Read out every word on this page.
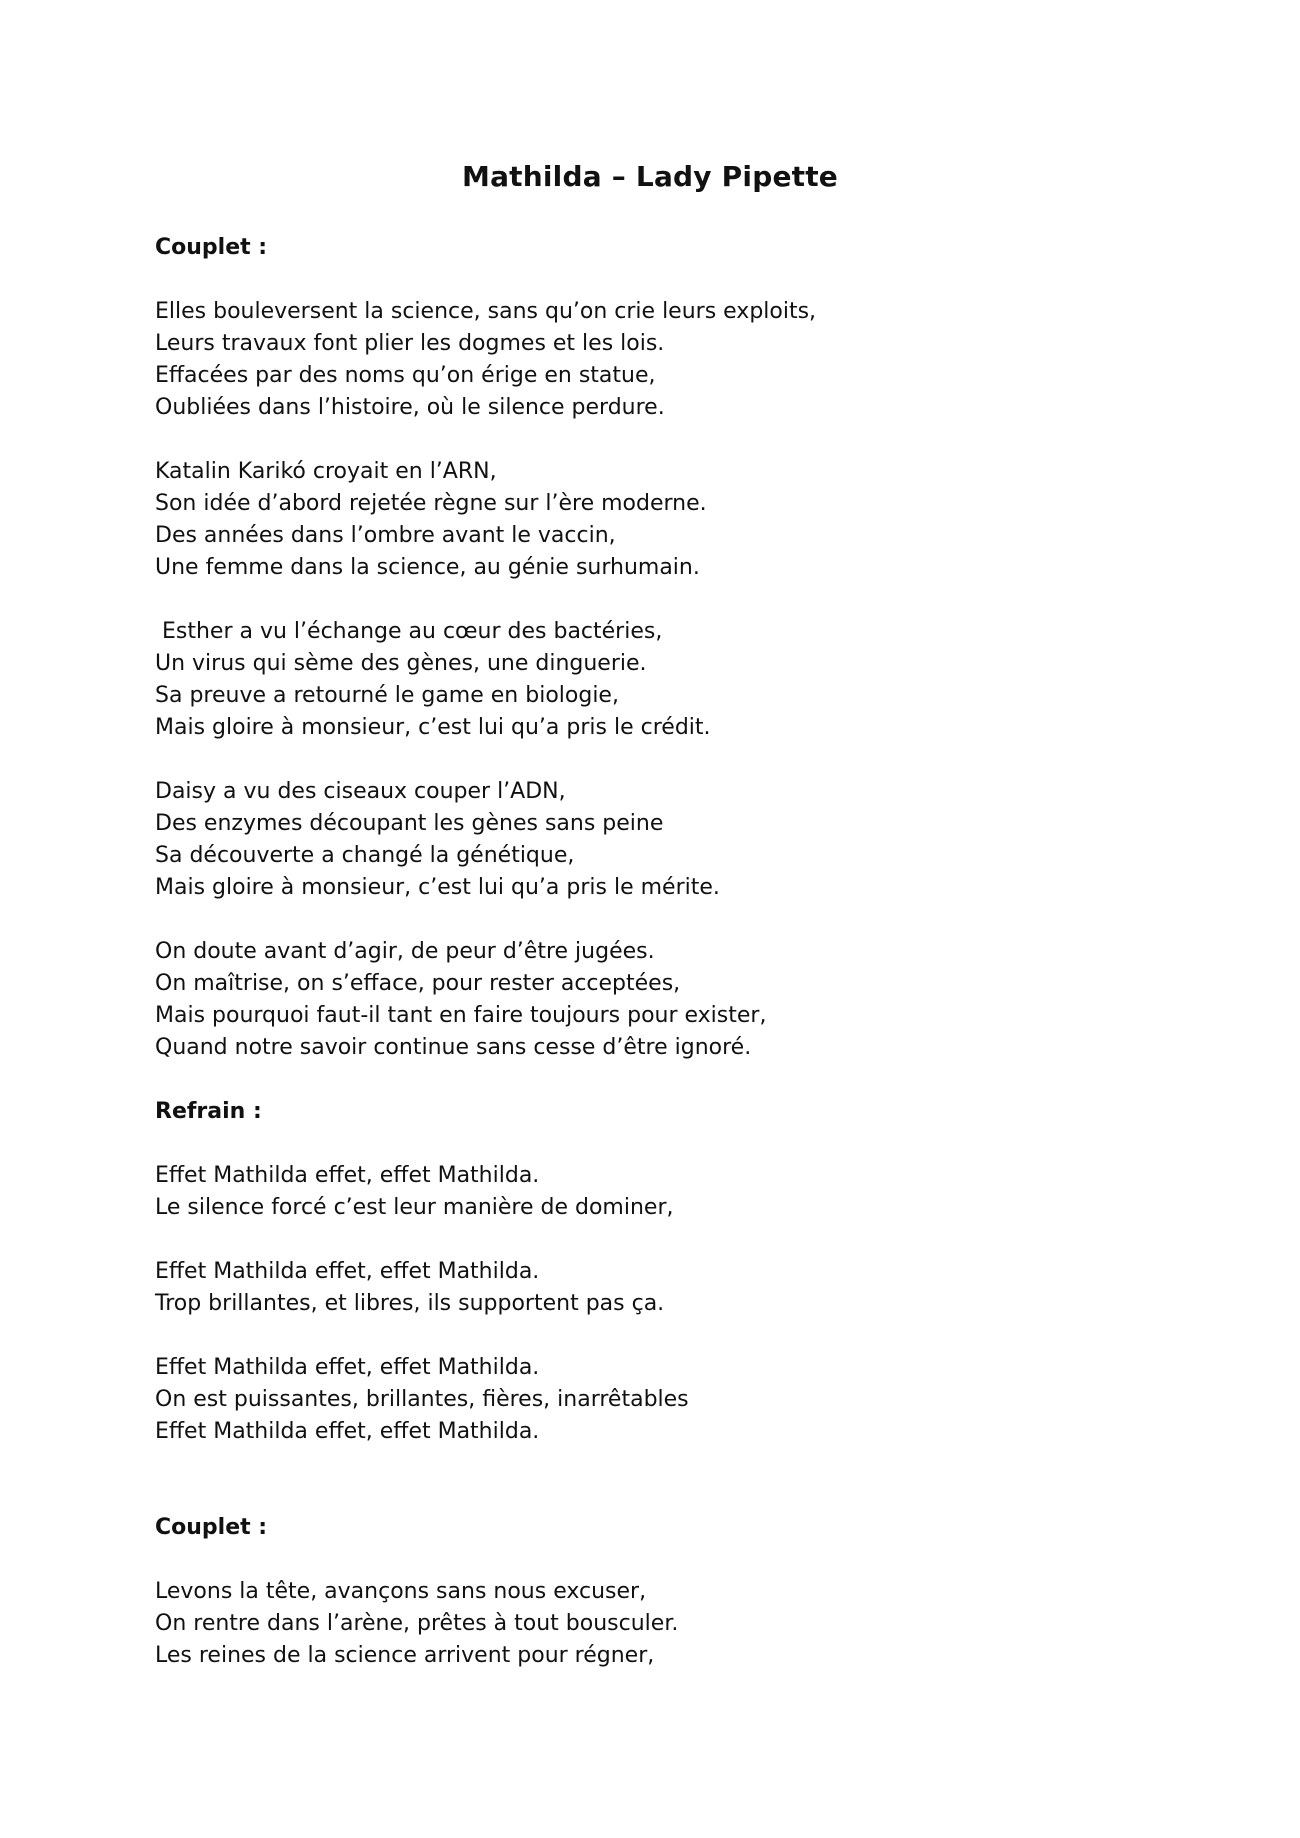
Mathilda – Lady Pipette

Couplet :

Elles bouleversent la science, sans qu’on crie leurs exploits,
Leurs travaux font plier les dogmes et les lois.
Effacées par des noms qu’on érige en statue,
Oubliées dans l’histoire, où le silence perdure.
Katalin Karikó croyait en l’ARN,
Son idée d’abord rejetée règne sur l’ère moderne.
Des années dans l’ombre avant le vaccin,
Une femme dans la science, au génie surhumain.
Esther a vu l’échange au cœur des bactéries,
Un virus qui sème des gènes, une dinguerie.
Sa preuve a retourné le game en biologie,
Mais gloire à monsieur, c’est lui qu’a pris le crédit.
Daisy a vu des ciseaux couper l’ADN,
Des enzymes découpant les gènes sans peine
Sa découverte a changé la génétique,
Mais gloire à monsieur, c’est lui qu’a pris le mérite.
On doute avant d’agir, de peur d’être jugées.
On maîtrise, on s’efface, pour rester acceptées,
Mais pourquoi faut-il tant en faire toujours pour exister,
Quand notre savoir continue sans cesse d’être ignoré.

Refrain :

Effet Mathilda effet, effet Mathilda.
Le silence forcé c’est leur manière de dominer,
Effet Mathilda effet, effet Mathilda.
Trop brillantes, et libres, ils supportent pas ça.
Effet Mathilda effet, effet Mathilda.
On est puissantes, brillantes, fières, inarrêtables
Effet Mathilda effet, effet Mathilda.

Couplet :

Levons la tête, avançons sans nous excuser,
On rentre dans l’arène, prêtes à tout bousculer.
Les reines de la science arrivent pour régner,
